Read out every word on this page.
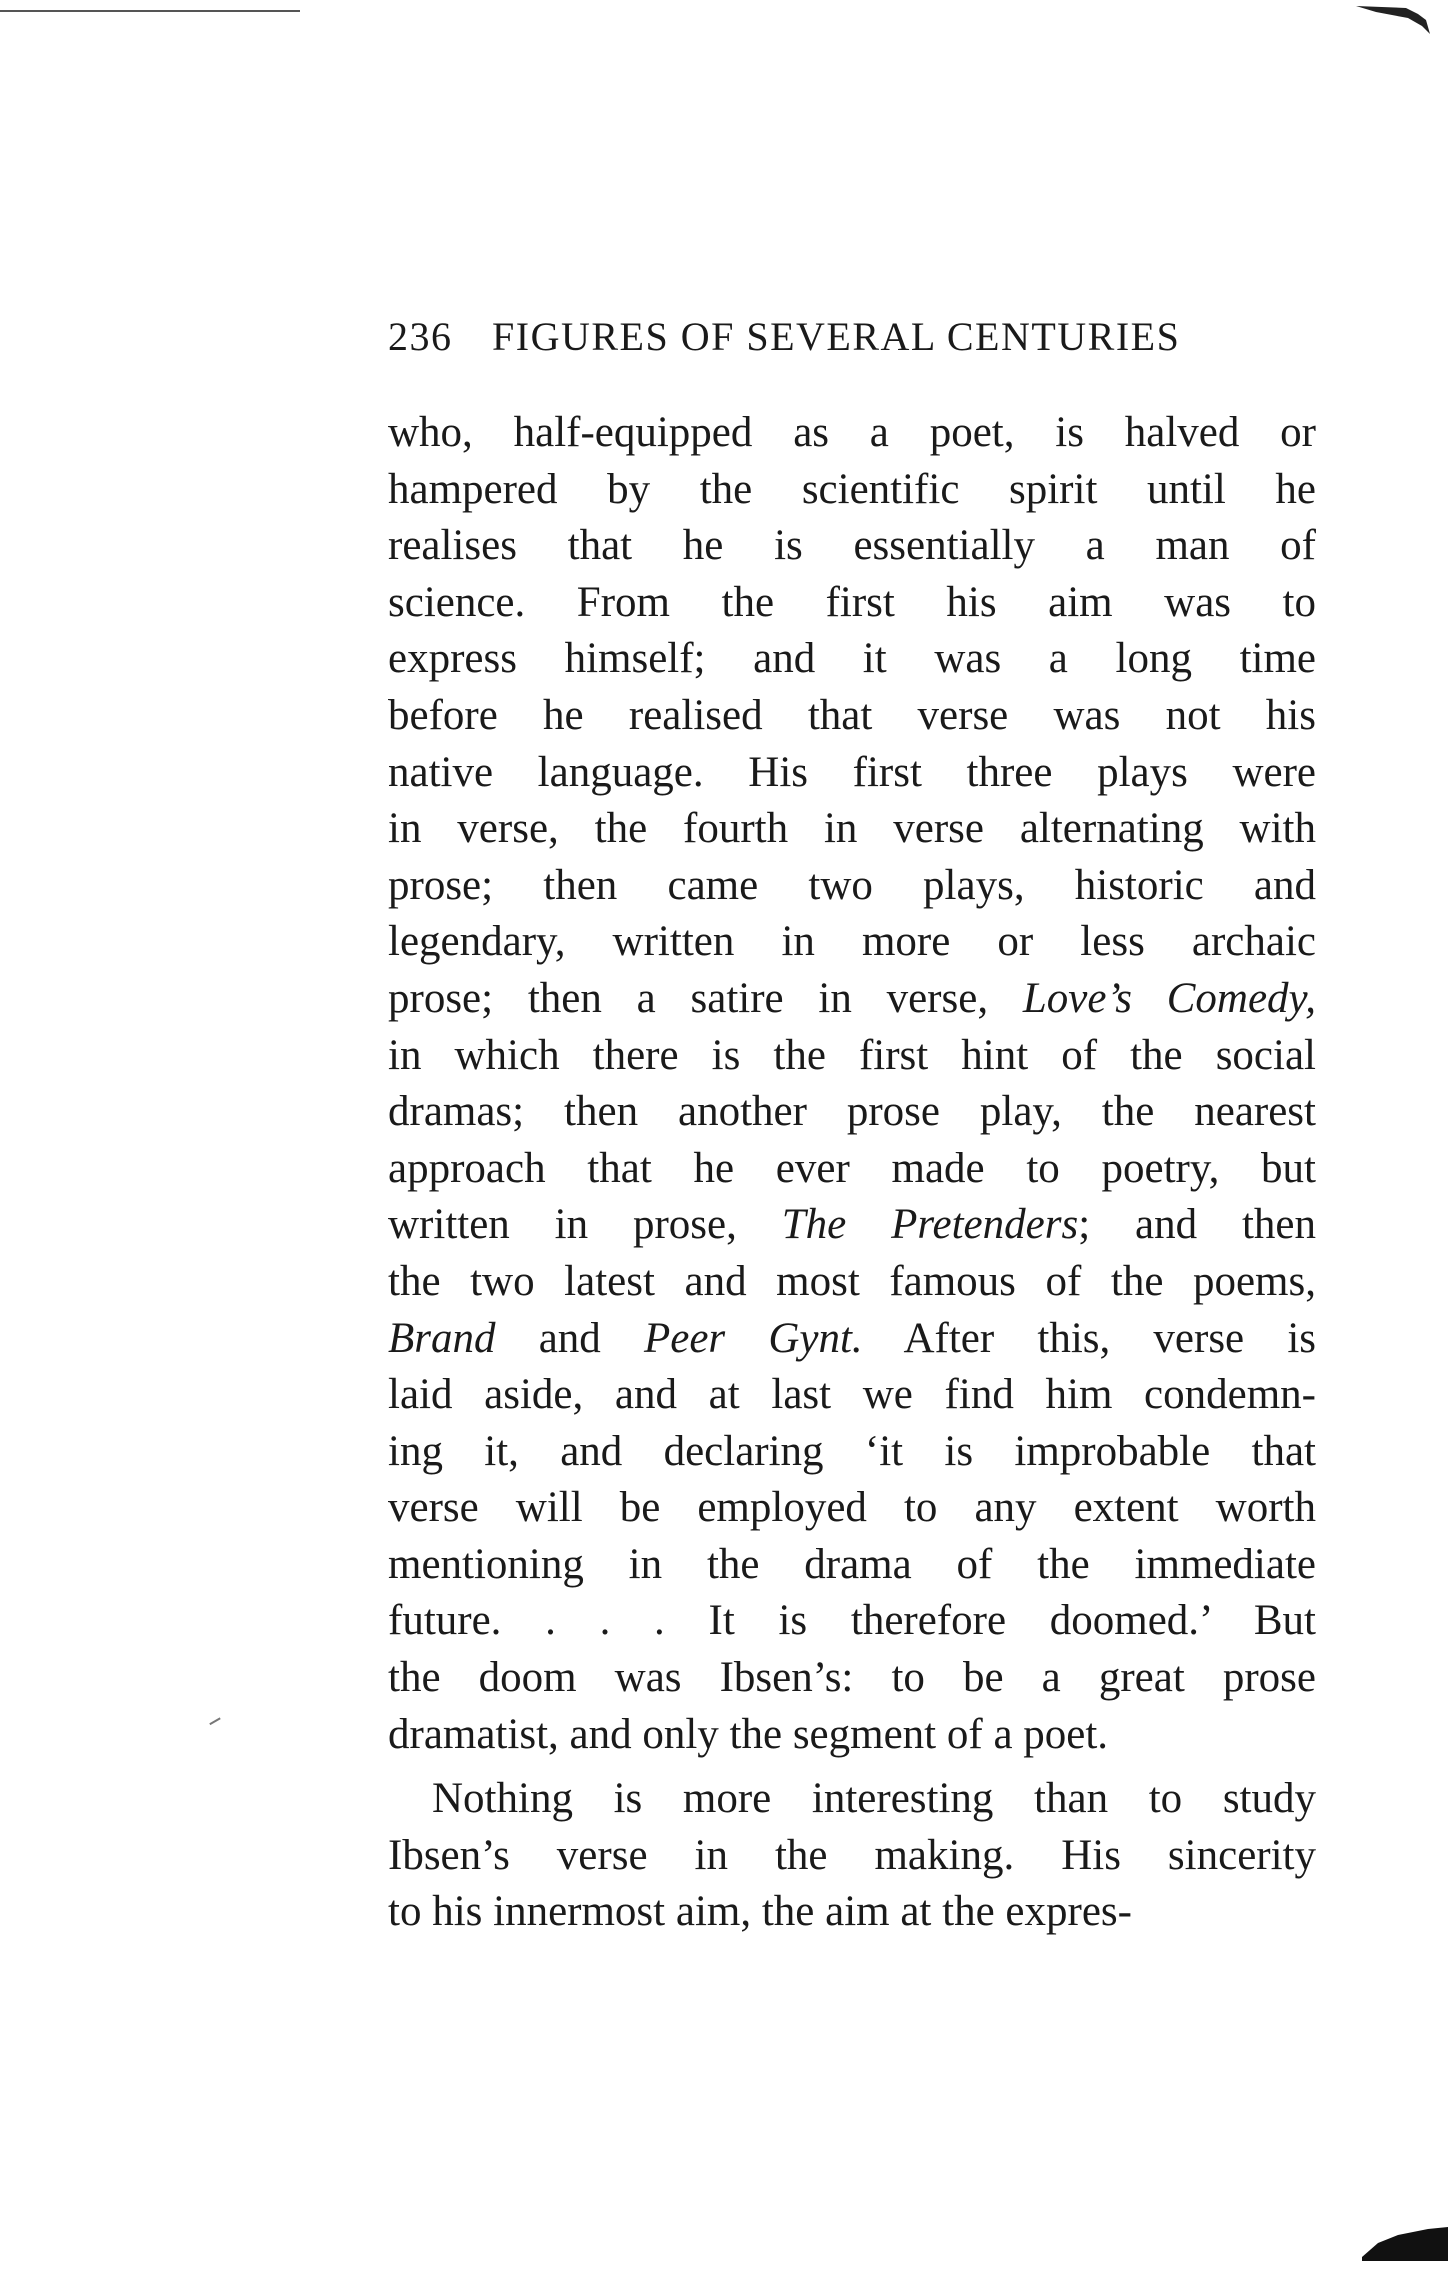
236 FIGURES OF SEVERAL CENTURIES
who, half-equipped as a poet, is halved or
hampered by the scientific spirit until he
realises that he is essentially a man of
science. From the first his aim was to
express himself; and it was a long time
before he realised that verse was not his
native language. His first three plays were
in verse, the fourth in verse alternating with
prose; then came two plays, historic and
legendary, written in more or less archaic
prose; then a satire in verse, Love’s Comedy,
in which there is the first hint of the social
dramas; then another prose play, the nearest
approach that he ever made to poetry, but
written in prose, The Pretenders; and then
the two latest and most famous of the poems,
Brand and Peer Gynt. After this, verse is
laid aside, and at last we find him condemn-
ing it, and declaring ‘it is improbable that
verse will be employed to any extent worth
mentioning in the drama of the immediate
future. . . . It is therefore doomed.’ But
the doom was Ibsen’s: to be a great prose
dramatist, and only the segment of a poet.
Nothing is more interesting than to study
Ibsen’s verse in the making. His sincerity
to his innermost aim, the aim at the expres-
